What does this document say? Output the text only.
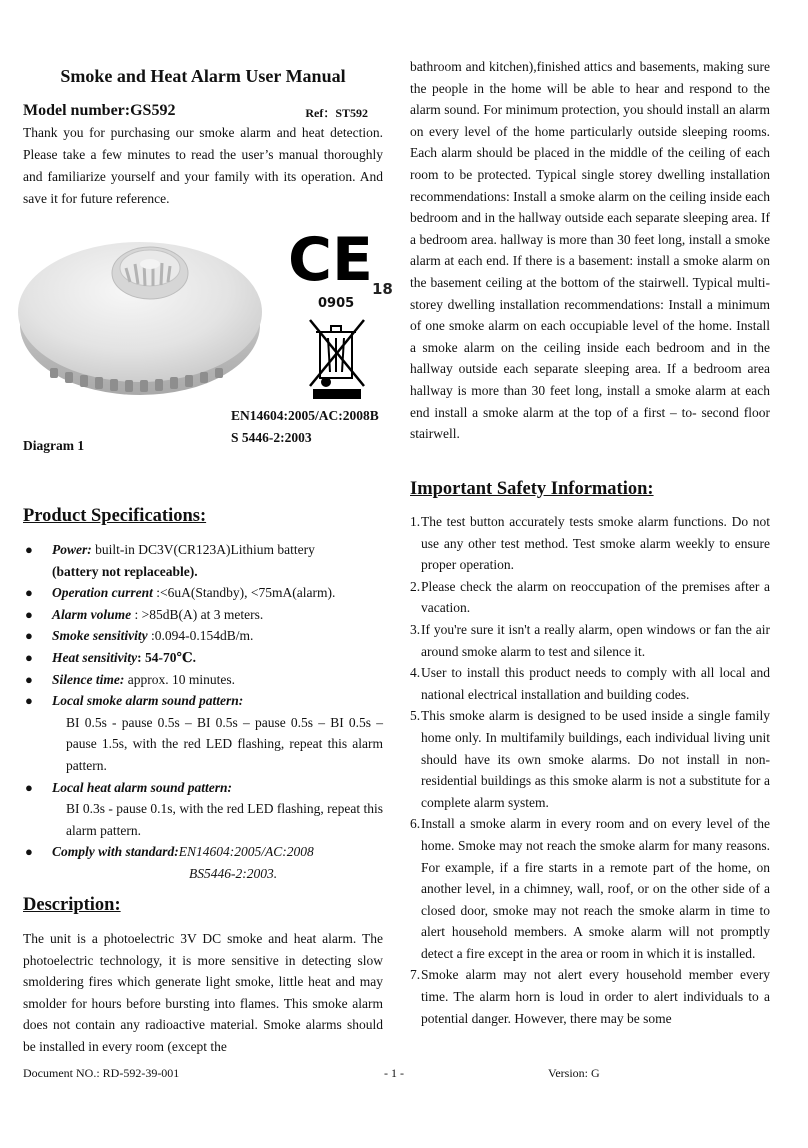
Smoke and Heat Alarm User Manual
Model number:GS592	Ref：ST592
Thank you for purchasing our smoke alarm and heat detection. Please take a few minutes to read the user’s manual thoroughly and familiarize yourself and your family with its operation. And save it for future reference.
CE
18
0905
EN14604:2005/AC:2008B
S 5446-2:2003
Diagram 1
Product Specifications:
● Power: built-in DC3V(CR123A)Lithium battery
(battery not replaceable).
● Operation current :<6uA(Standby), <75mA(alarm).
● Alarm volume : >85dB(A) at 3 meters.
● Smoke sensitivity :0.094-0.154dB/m.
● Heat sensitivity: 54-70℃.
● Silence time: approx. 10 minutes.
● Local smoke alarm sound pattern:
BI 0.5s - pause 0.5s – BI 0.5s – pause 0.5s – BI 0.5s – pause 1.5s, with the red LED flashing, repeat this alarm pattern.
● Local heat alarm sound pattern:
BI 0.3s - pause 0.1s, with the red LED flashing, repeat this alarm pattern.
● Comply with standard:EN14604:2005/AC:2008
BS5446-2:2003.
Description:
The unit is a photoelectric 3V DC smoke and heat alarm. The photoelectric technology, it is more sensitive in detecting slow smoldering fires which generate light smoke, little heat and may smolder for hours before bursting into flames. This smoke alarm does not contain any radioactive material. Smoke alarms should be installed in every room (except the
bathroom and kitchen),finished attics and basements, making sure the people in the home will be able to hear and respond to the alarm sound. For minimum protection, you should install an alarm on every level of the home particularly outside sleeping rooms. Each alarm should be placed in the middle of the ceiling of each room to be protected. Typical single storey dwelling installation recommendations: Install a smoke alarm on the ceiling inside each bedroom and in the hallway outside each separate sleeping area. If a bedroom area. hallway is more than 30 feet long, install a smoke alarm at each end. If there is a basement: install a smoke alarm on the basement ceiling at the bottom of the stairwell. Typical multi-storey dwelling installation recommendations: Install a minimum of one smoke alarm on each occupiable level of the home. Install a smoke alarm on the ceiling inside each bedroom and in the hallway outside each separate sleeping area. If a bedroom area hallway is more than 30 feet long, install a smoke alarm at each end install a smoke alarm at the top of a first – to- second floor stairwell.
Important Safety Information:
1. The test button accurately tests smoke alarm functions. Do not use any other test method. Test smoke alarm weekly to ensure proper operation.
2. Please check the alarm on reoccupation of the premises after a vacation.
3. If you're sure it isn't a really alarm, open windows or fan the air around smoke alarm to test and silence it.
4. User to install this product needs to comply with all local and national electrical installation and building codes.
5. This smoke alarm is designed to be used inside a single family home only. In multifamily buildings, each individual living unit should have its own smoke alarms. Do not install in non-residential buildings as this smoke alarm is not a substitute for a complete alarm system.
6. Install a smoke alarm in every room and on every level of the home. Smoke may not reach the smoke alarm for many reasons. For example, if a fire starts in a remote part of the home, on another level, in a chimney, wall, roof, or on the other side of a closed door, smoke may not reach the smoke alarm in time to alert household members. A smoke alarm will not promptly detect a fire except in the area or room in which it is installed.
7. Smoke alarm may not alert every household member every time. The alarm horn is loud in order to alert individuals to a potential danger. However, there may be some
Document NO.: RD-592-39-001	- 1 -	Version: G
